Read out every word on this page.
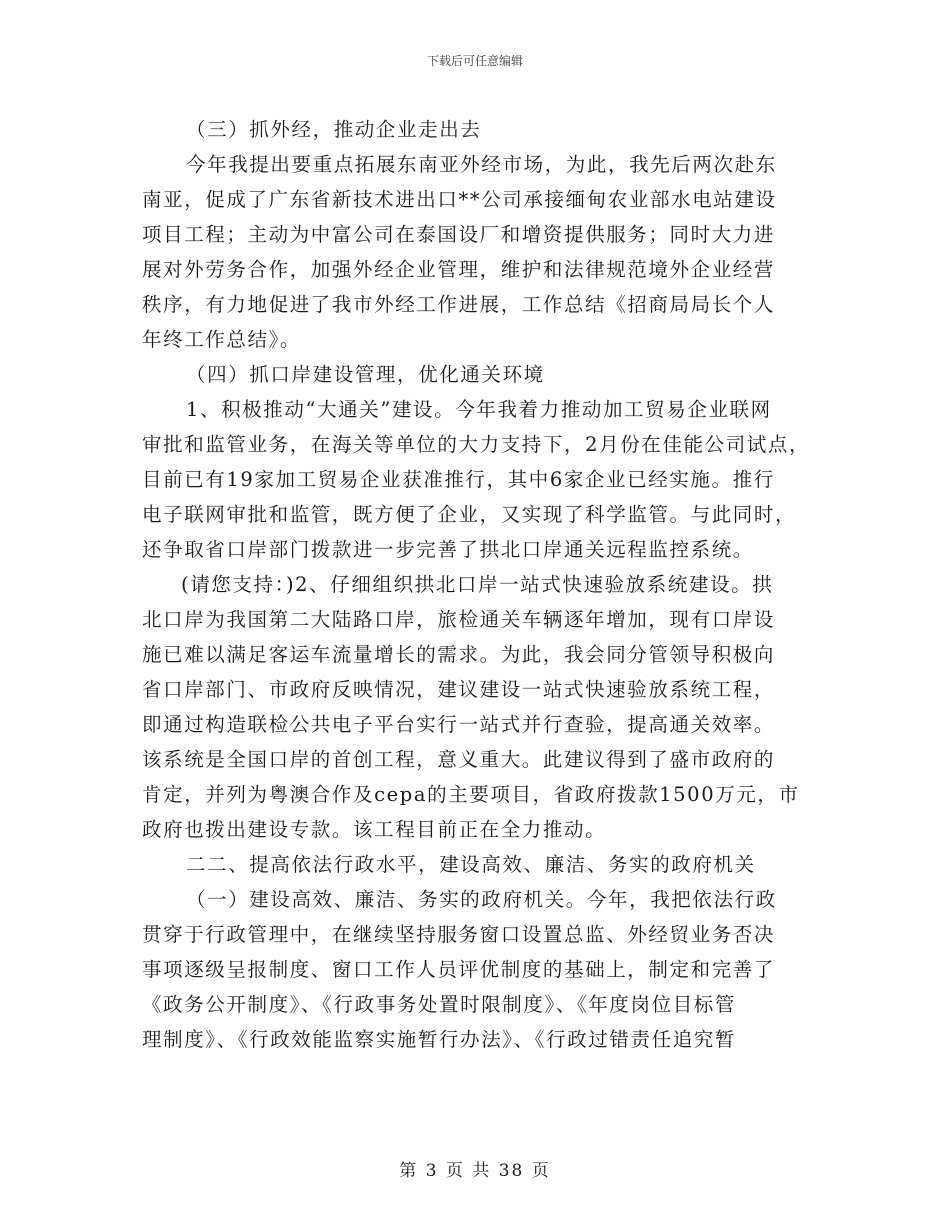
下载后可任意编辑
（三）抓外经，推动企业走出去
今年我提出要重点拓展东南亚外经市场，为此，我先后两次赴东
南亚，促成了广东省新技术进出口**公司承接缅甸农业部水电站建设
项目工程；主动为中富公司在泰国设厂和增资提供服务；同时大力进
展对外劳务合作，加强外经企业管理，维护和法律规范境外企业经营
秩序，有力地促进了我市外经工作进展，工作总结《招商局局长个人
年终工作总结》。
（四）抓口岸建设管理，优化通关环境
1、积极推动“大通关”建设。今年我着力推动加工贸易企业联网
审批和监管业务，在海关等单位的大力支持下，2月份在佳能公司试点，
目前已有19家加工贸易企业获准推行，其中6家企业已经实施。推行
电子联网审批和监管，既方便了企业，又实现了科学监管。与此同时，
还争取省口岸部门拨款进一步完善了拱北口岸通关远程监控系统。
(请您支持：)2、仔细组织拱北口岸一站式快速验放系统建设。拱
北口岸为我国第二大陆路口岸，旅检通关车辆逐年增加，现有口岸设
施已难以满足客运车流量增长的需求。为此，我会同分管领导积极向
省口岸部门、市政府反映情况，建议建设一站式快速验放系统工程，
即通过构造联检公共电子平台实行一站式并行查验，提高通关效率。
该系统是全国口岸的首创工程，意义重大。此建议得到了盛市政府的
肯定，并列为粤澳合作及cepa的主要项目，省政府拨款1500万元，市
政府也拨出建设专款。该工程目前正在全力推动。
二二、提高依法行政水平，建设高效、廉洁、务实的政府机关
（一）建设高效、廉洁、务实的政府机关。今年，我把依法行政
贯穿于行政管理中，在继续坚持服务窗口设置总监、外经贸业务否决
事项逐级呈报制度、窗口工作人员评优制度的基础上，制定和完善了
《政务公开制度》、《行政事务处置时限制度》、《年度岗位目标管
理制度》、《行政效能监察实施暂行办法》、《行政过错责任追究暂
第 3 页 共 38 页
